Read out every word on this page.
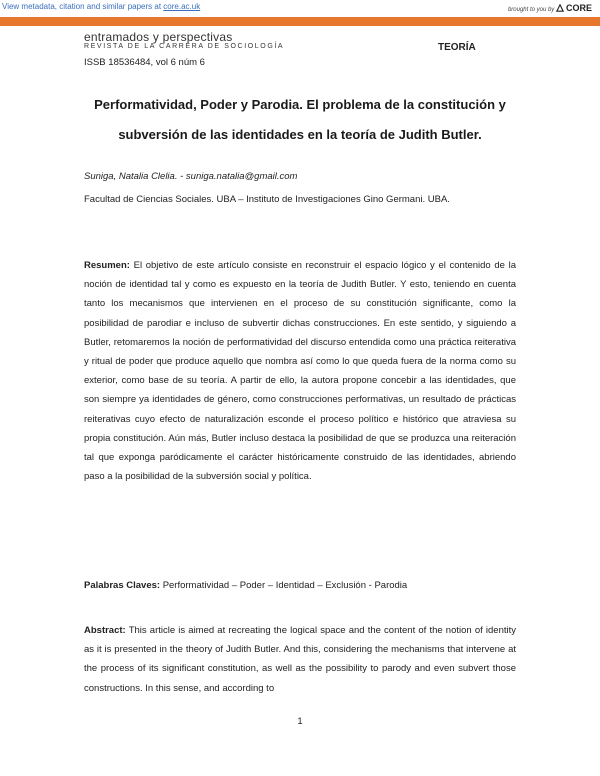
View metadata, citation and similar papers at core.ac.uk	brought to you by CORE
provided by CONICET Digital
entramados y perspectivas
REVISTA DE LA CARRERA DE SOCIOLOGÍA
ISSB 18536484, vol 6 núm 6
TEORÍA
Performatividad, Poder y Parodia. El problema de la constitución y
subversión de las identidades en la teoría de Judith Butler.
Suniga, Natalia Clelia. - suniga.natalia@gmail.com
Facultad de Ciencias Sociales. UBA – Instituto de Investigaciones Gino Germani. UBA.
Resumen: El objetivo de este artículo consiste en reconstruir el espacio lógico y el contenido de la noción de identidad tal y como es expuesto en la teoría de Judith Butler. Y esto, teniendo en cuenta tanto los mecanismos que intervienen en el proceso de su constitución significante, como la posibilidad de parodiar e incluso de subvertir dichas construcciones. En este sentido, y siguiendo a Butler, retomaremos la noción de performatividad del discurso entendida como una práctica reiterativa y ritual de poder que produce aquello que nombra así como lo que queda fuera de la norma como su exterior, como base de su teoría. A partir de ello, la autora propone concebir a las identidades, que son siempre ya identidades de género, como construcciones performativas, un resultado de prácticas reiterativas cuyo efecto de naturalización esconde el proceso político e histórico que atraviesa su propia constitución. Aún más, Butler incluso destaca la posibilidad de que se produzca una reiteración tal que exponga paródicamente el carácter históricamente construido de las identidades, abriendo paso a la posibilidad de la subversión social y política.
Palabras Claves: Performatividad – Poder – Identidad – Exclusión - Parodia
Abstract: This article is aimed at recreating the logical space and the content of the notion of identity as it is presented in the theory of Judith Butler. And this, considering the mechanisms that intervene at the process of its significant constitution, as well as the possibility to parody and even subvert those constructions. In this sense, and according to
1
